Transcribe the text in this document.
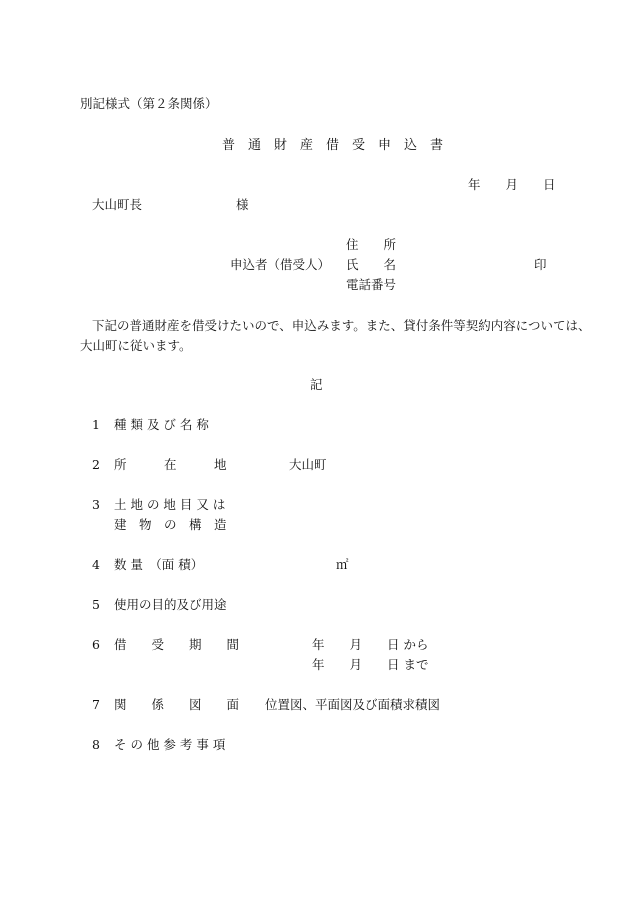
別記様式（第２条関係）
普　通　財　産　借　受　申　込　書
年　　月　　日
大山町長	様
住　　所
申込者（借受人） 氏　　名	印
電話番号
下記の普通財産を借受けたいので、申込みます。また、貸付条件等契約内容については、
大山町に従います。
記
1 種 類 及 び 名 称
2 所　　　在　　　地	大山町
3 土 地 の 地 目 又 は
建　物　の　構　造
4 数 量　（面 積）	㎡
5 使用の目的及び用途
6 借　　受　　期　　間	年　　月　　日 から
年　　月　　日 まで
7 関　　係　　図　　面 位置図、平面図及び面積求積図
8 そ の 他 参 考 事 項
